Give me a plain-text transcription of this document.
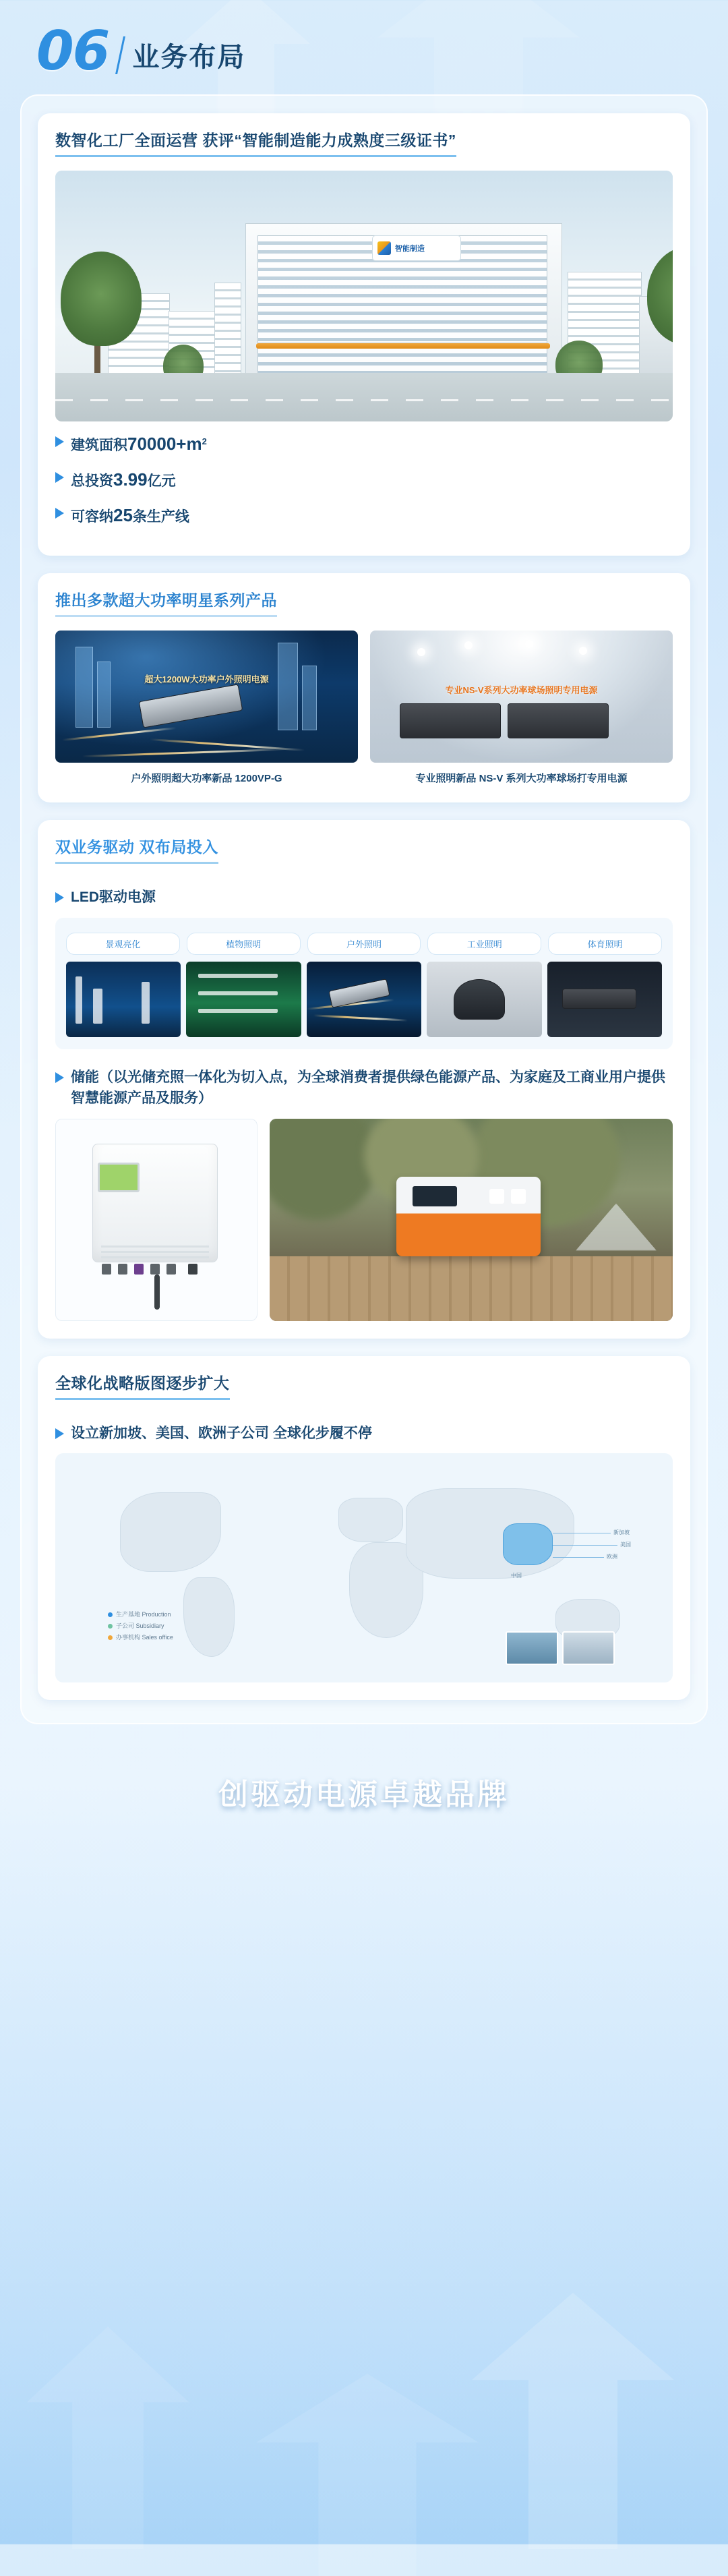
06 业务布局
数智化工厂全面运营 获评“智能制造能力成熟度三级证书”
智能制造
建筑面积$70000+m^2$
总投资3.99亿元
可容纳25条生产线
推出多款超大功率明星系列产品
超大1200W大功率户外照明电源
户外照明超大功率新品 1200VP-G
专业NS-V系列大功率球场照明专用电源
专业照明新品 NS-V 系列大功率球场打专用电源
双业务驱动 双布局投入
LED驱动电源
景观亮化	植物照明	户外照明	工业照明	体育照明
储能（以光储充照一体化为切入点，为全球消费者提供绿色能源产品、为家庭及工商业用户提供智慧能源产品及服务）
全球化战略版图逐步扩大
设立新加坡、美国、欧洲子公司 全球化步履不停
新加坡
美国
欧洲
中国
生产基地 Production
子公司 Subsidiary
办事机构 Sales office
创驱动电源卓越品牌
